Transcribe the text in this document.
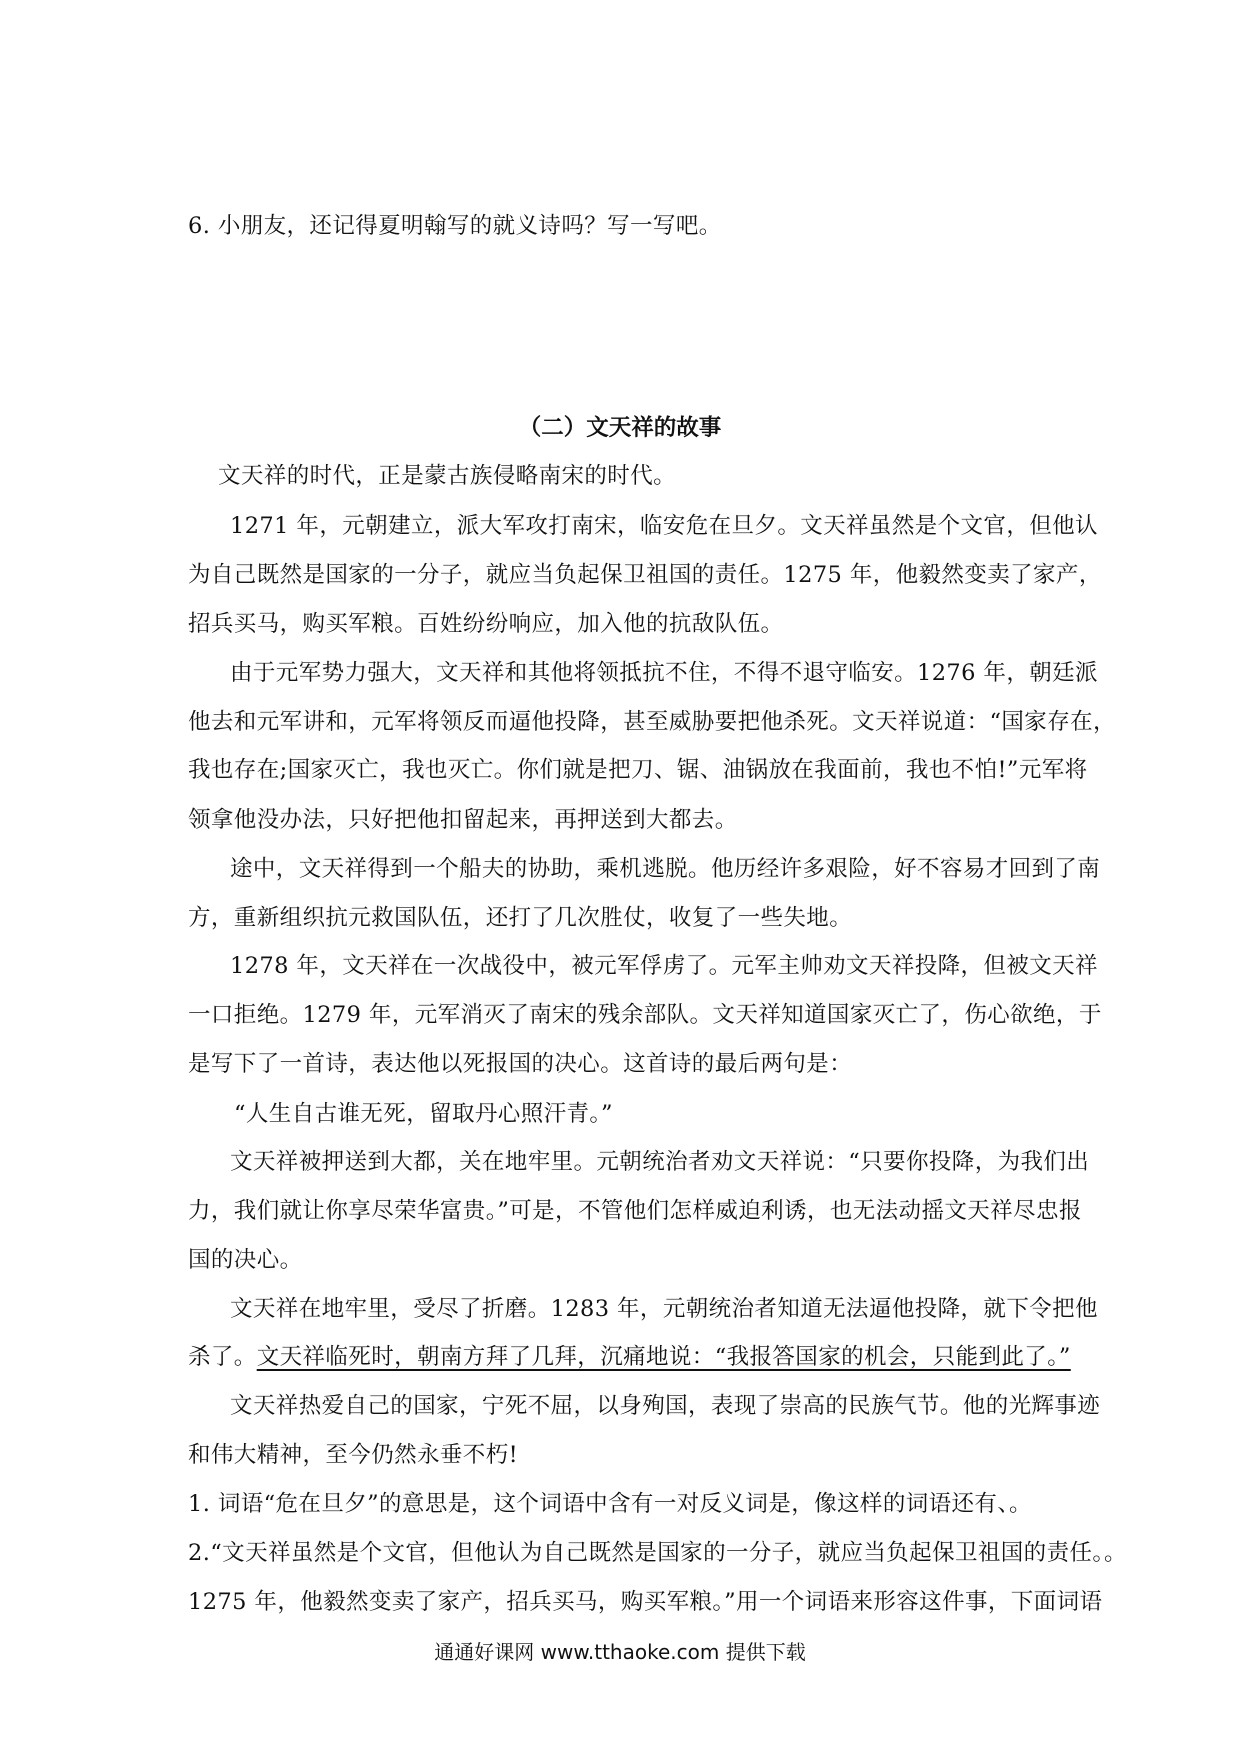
6. 小朋友，还记得夏明翰写的就义诗吗？写一写吧。
（二）文天祥的故事
文天祥的时代，正是蒙古族侵略南宋的时代。
1271 年，元朝建立，派大军攻打南宋，临安危在旦夕。文天祥虽然是个文官，但他认
为自己既然是国家的一分子，就应当负起保卫祖国的责任。1275 年，他毅然变卖了家产，
招兵买马，购买军粮。百姓纷纷响应，加入他的抗敌队伍。
由于元军势力强大，文天祥和其他将领抵抗不住，不得不退守临安。1276 年，朝廷派
他去和元军讲和，元军将领反而逼他投降，甚至威胁要把他杀死。文天祥说道：“国家存在，
我也存在;国家灭亡，我也灭亡。你们就是把刀、锯、油锅放在我面前，我也不怕!”元军将
领拿他没办法，只好把他扣留起来，再押送到大都去。
途中，文天祥得到一个船夫的协助，乘机逃脱。他历经许多艰险，好不容易才回到了南
方，重新组织抗元救国队伍，还打了几次胜仗，收复了一些失地。
1278 年，文天祥在一次战役中，被元军俘虏了。元军主帅劝文天祥投降，但被文天祥
一口拒绝。1279 年，元军消灭了南宋的残余部队。文天祥知道国家灭亡了，伤心欲绝，于
是写下了一首诗，表达他以死报国的决心。这首诗的最后两句是：
“人生自古谁无死，留取丹心照汗青。”
文天祥被押送到大都，关在地牢里。元朝统治者劝文天祥说：“只要你投降，为我们出
力，我们就让你享尽荣华富贵。”可是，不管他们怎样威迫利诱，也无法动摇文天祥尽忠报
国的决心。
文天祥在地牢里，受尽了折磨。1283 年，元朝统治者知道无法逼他投降，就下令把他
杀了。文天祥临死时，朝南方拜了几拜，沉痛地说：“我报答国家的机会，只能到此了。”
文天祥热爱自己的国家，宁死不屈，以身殉国，表现了崇高的民族气节。他的光辉事迹
和伟大精神，至今仍然永垂不朽!
1. 词语“危在旦夕”的意思是，这个词语中含有一对反义词是，像这样的词语还有、。
2.“文天祥虽然是个文官，但他认为自己既然是国家的一分子，就应当负起保卫祖国的责任。。
1275 年，他毅然变卖了家产，招兵买马，购买军粮。”用一个词语来形容这件事，下面词语
通通好课网 www.tthaoke.com 提供下载
